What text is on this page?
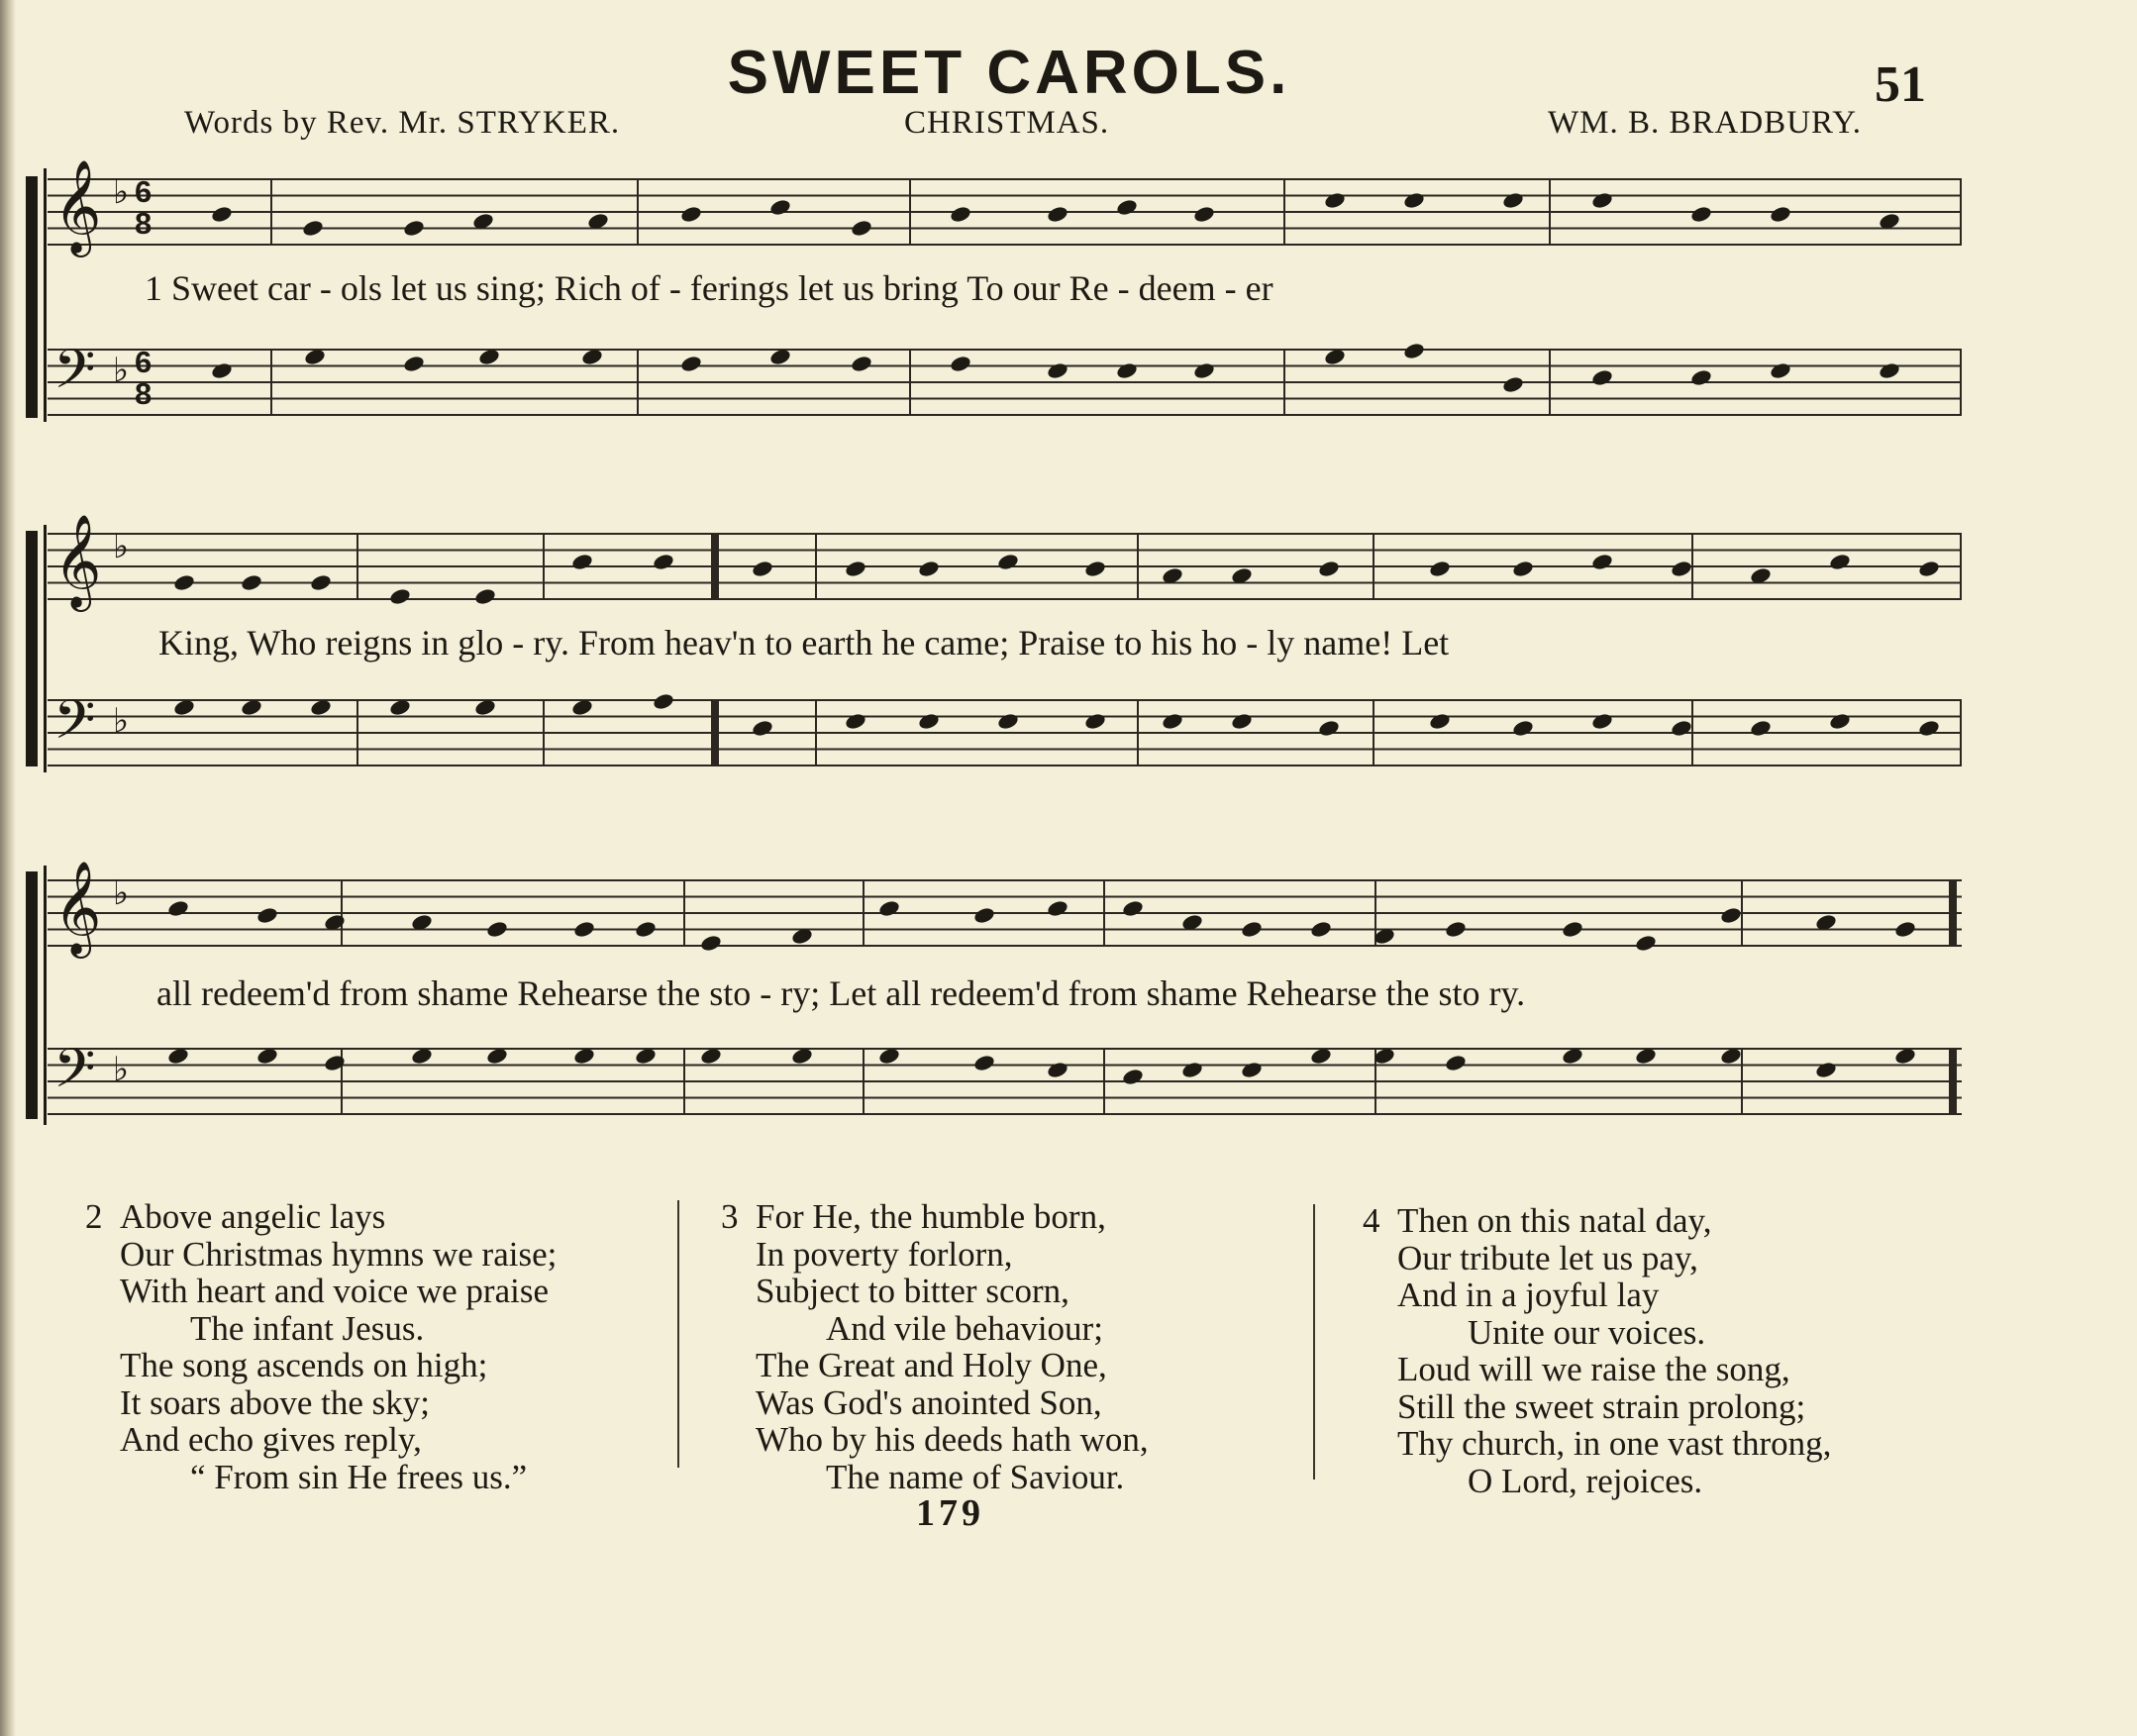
SWEET CAROLS.	51
Words by Rev. Mr. STRYKER.	CHRISTMAS.	WM. B. BRADBURY.
𝄞 ♭ 6
8
1 Sweet car - ols let us sing; Rich of - ferings let us bring To our Re - deem - er
𝄢 ♭ 6
8
𝄞 ♭
King, Who reigns in glo - ry. From heav'n to earth he came; Praise to his ho - ly name! Let
𝄢 ♭
𝄞 ♭
all redeem'd from shame Rehearse the sto - ry; Let all redeem'd from shame Rehearse the sto ry.
𝄢 ♭
2 Above angelic lays
Our Christmas hymns we raise;
With heart and voice we praise
The infant Jesus.
The song ascends on high;
It soars above the sky;
And echo gives reply,
“ From sin He frees us.”
3 For He, the humble born,
In poverty forlorn,
Subject to bitter scorn,
And vile behaviour;
The Great and Holy One,
Was God's anointed Son,
Who by his deeds hath won,
The name of Saviour.
4 Then on this natal day,
Our tribute let us pay,
And in a joyful lay
Unite our voices.
Loud will we raise the song,
Still the sweet strain prolong;
Thy church, in one vast throng,
O Lord, rejoices.
179
